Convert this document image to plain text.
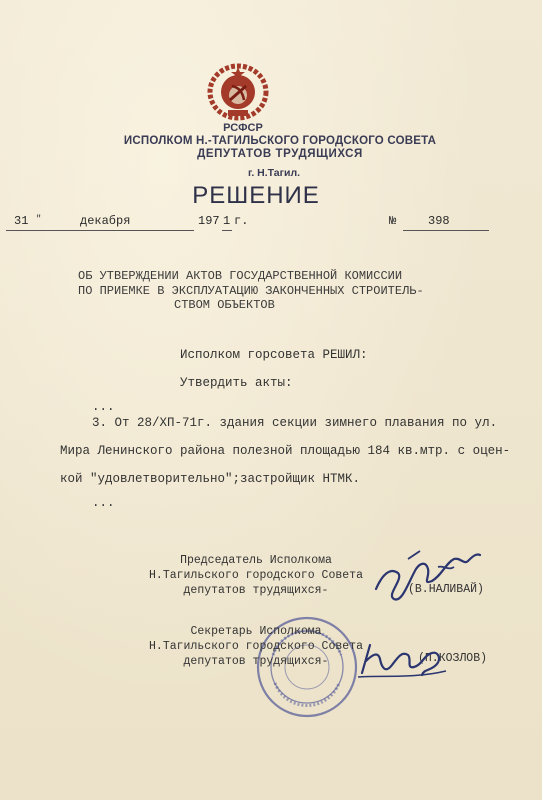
РСФСР
ИСПОЛКОМ Н.-ТАГИЛЬСКОГО ГОРОДСКОГО СОВЕТА
ДЕПУТАТОВ ТРУДЯЩИХСЯ
г. Н.Тагил.
РЕШЕНИЕ
31 "	декабря	197 1 г.	№	398
ОБ УТВЕРЖДЕНИИ АКТОВ ГОСУДАРСТВЕННОЙ КОМИССИИ
ПО ПРИЕМКЕ В ЭКСПЛУАТАЦИЮ ЗАКОНЧЕННЫХ СТРОИТЕЛЬ-
СТВОМ ОБЪЕКТОВ
Исполком горсовета РЕШИЛ:
Утвердить акты:
...
3. От 28/ХП-71г. здания секции зимнего плавания по ул.
Мира Ленинского района полезной площадью 184 кв.мтр. с оцен-
кой "удовлетворительно";застройщик НТМК.
...
Председатель Исполкома
Н.Тагильского городского Совета
депутатов трудящихся-	(В.НАЛИВАЙ)
Секретарь Исполкома
Н.Тагильского городского Совета
депутатов трудящихся-	(П.КОЗЛОВ)
